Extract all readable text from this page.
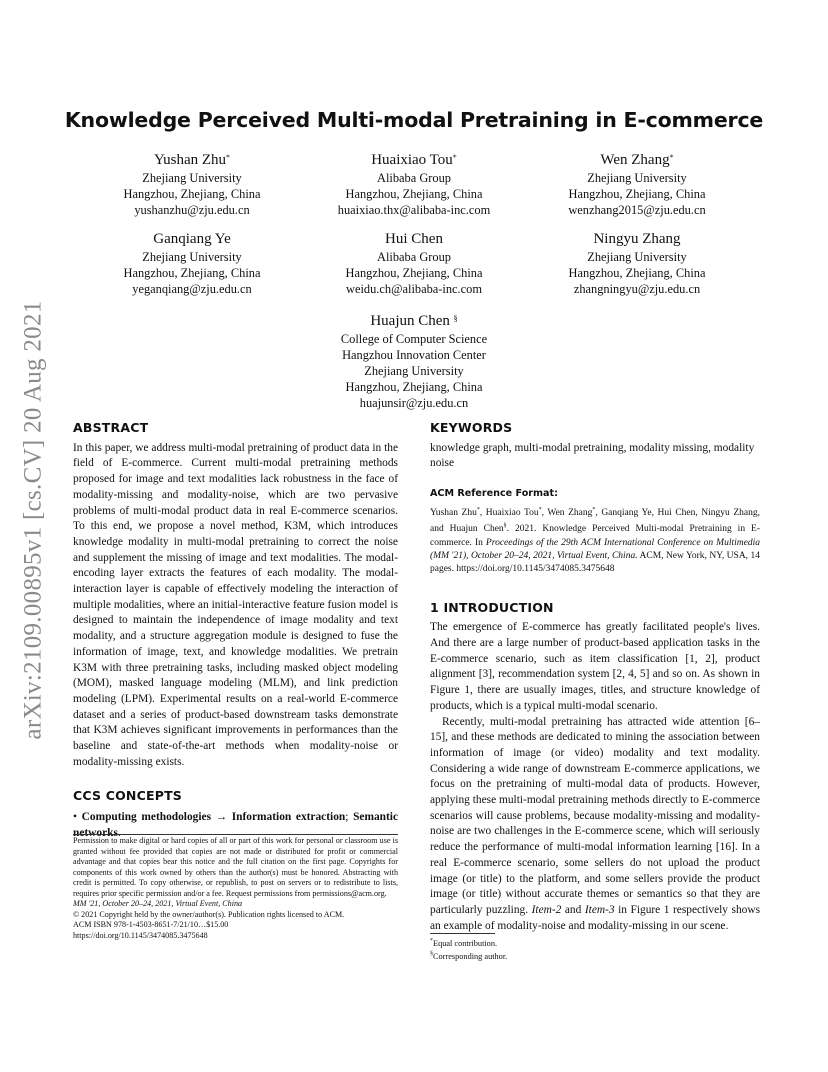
arXiv:2109.00895v1 [cs.CV] 20 Aug 2021
Knowledge Perceived Multi-modal Pretraining in E-commerce
Yushan Zhu*
Zhejiang University
Hangzhou, Zhejiang, China
yushanzhu@zju.edu.cn
Huaixiao Tou*
Alibaba Group
Hangzhou, Zhejiang, China
huaixiao.thx@alibaba-inc.com
Wen Zhang*
Zhejiang University
Hangzhou, Zhejiang, China
wenzhang2015@zju.edu.cn
Ganqiang Ye
Zhejiang University
Hangzhou, Zhejiang, China
yeganqiang@zju.edu.cn
Hui Chen
Alibaba Group
Hangzhou, Zhejiang, China
weidu.ch@alibaba-inc.com
Ningyu Zhang
Zhejiang University
Hangzhou, Zhejiang, China
zhangningyu@zju.edu.cn
Huajun Chen §
College of Computer Science
Hangzhou Innovation Center
Zhejiang University
Hangzhou, Zhejiang, China
huajunsir@zju.edu.cn
ABSTRACT

In this paper, we address multi-modal pretraining of product data in the field of E-commerce. Current multi-modal pretraining methods proposed for image and text modalities lack robustness in the face of modality-missing and modality-noise, which are two pervasive problems of multi-modal product data in real E-commerce scenarios. To this end, we propose a novel method, K3M, which introduces knowledge modality in multi-modal pretraining to correct the noise and supplement the missing of image and text modalities. The modal-encoding layer extracts the features of each modality. The modal-interaction layer is capable of effectively modeling the interaction of multiple modalities, where an initial-interactive feature fusion model is designed to maintain the independence of image modality and text modality, and a structure aggregation module is designed to fuse the information of image, text, and knowledge modalities. We pretrain K3M with three pretraining tasks, including masked object modeling (MOM), masked language modeling (MLM), and link prediction modeling (LPM). Experimental results on a real-world E-commerce dataset and a series of product-based downstream tasks demonstrate that K3M achieves significant improvements in performances than the baseline and state-of-the-art methods when modality-noise or modality-missing exists.

CCS CONCEPTS

• Computing methodologies → Information extraction; Semantic networks.

Permission to make digital or hard copies of all or part of this work for personal or classroom use is granted without fee provided that copies are not made or distributed for profit or commercial advantage and that copies bear this notice and the full citation on the first page. Copyrights for components of this work owned by others than the author(s) must be honored. Abstracting with credit is permitted. To copy otherwise, or republish, to post on servers or to redistribute to lists, requires prior specific permission and/or a fee. Request permissions from permissions@acm.org.

MM '21, October 20–24, 2021, Virtual Event, China

© 2021 Copyright held by the owner/author(s). Publication rights licensed to ACM.

ACM ISBN 978-1-4503-8651-7/21/10…$15.00

https://doi.org/10.1145/3474085.3475648

KEYWORDS

knowledge graph, multi-modal pretraining, modality missing, modality noise

ACM Reference Format:

Yushan Zhu*, Huaixiao Tou*, Wen Zhang*, Ganqiang Ye, Hui Chen, Ningyu Zhang, and Huajun Chen§. 2021. Knowledge Perceived Multi-modal Pretraining in E-commerce. In Proceedings of the 29th ACM International Conference on Multimedia (MM '21), October 20–24, 2021, Virtual Event, China. ACM, New York, NY, USA, 14 pages. https://doi.org/10.1145/3474085.3475648

1 INTRODUCTION

The emergence of E-commerce has greatly facilitated people's lives. And there are a large number of product-based application tasks in the E-commerce scenario, such as item classification [1, 2], product alignment [3], recommendation system [2, 4, 5] and so on. As shown in Figure 1, there are usually images, titles, and structure knowledge of products, which is a typical multi-modal scenario.

Recently, multi-modal pretraining has attracted wide attention [6–15], and these methods are dedicated to mining the association between information of image (or video) modality and text modality. Considering a wide range of downstream E-commerce applications, we focus on the pretraining of multi-modal data of products. However, applying these multi-modal pretraining methods directly to E-commerce scenarios will cause problems, because modality-missing and modality-noise are two challenges in the E-commerce scene, which will seriously reduce the performance of multi-modal information learning [16]. In a real E-commerce scenario, some sellers do not upload the product image (or title) to the platform, and some sellers provide the product image (or title) without accurate themes or semantics so that they are particularly puzzling. Item-2 and Item-3 in Figure 1 respectively shows an example of modality-noise and modality-missing in our scene.

*Equal contribution.

§Corresponding author.
